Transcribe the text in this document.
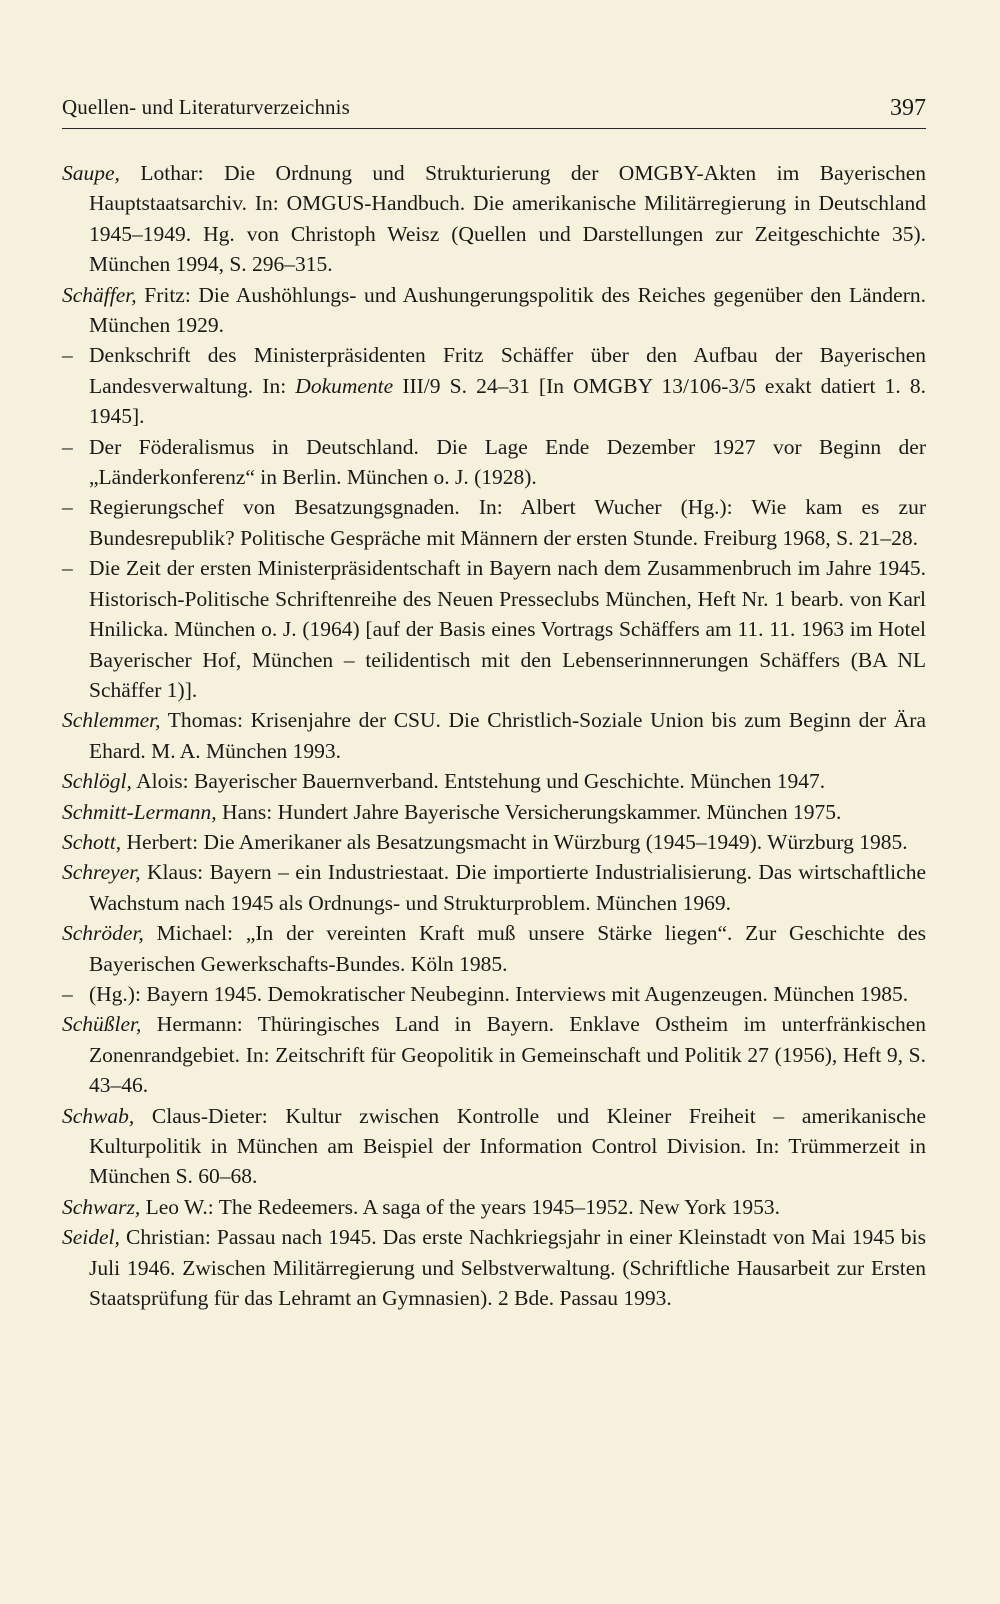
Quellen- und Literaturverzeichnis	397
Saupe, Lothar: Die Ordnung und Strukturierung der OMGBY-Akten im Bayerischen Hauptstaatsarchiv. In: OMGUS-Handbuch. Die amerikanische Militärregierung in Deutschland 1945–1949. Hg. von Christoph Weisz (Quellen und Darstellungen zur Zeitgeschichte 35). München 1994, S. 296–315.
Schäffer, Fritz: Die Aushöhlungs- und Aushungerungspolitik des Reiches gegenüber den Ländern. München 1929.
– Denkschrift des Ministerpräsidenten Fritz Schäffer über den Aufbau der Bayerischen Landesverwaltung. In: Dokumente III/9 S. 24–31 [In OMGBY 13/106-3/5 exakt datiert 1. 8. 1945].
– Der Föderalismus in Deutschland. Die Lage Ende Dezember 1927 vor Beginn der „Länderkonferenz“ in Berlin. München o. J. (1928).
– Regierungschef von Besatzungsgnaden. In: Albert Wucher (Hg.): Wie kam es zur Bundesrepublik? Politische Gespräche mit Männern der ersten Stunde. Freiburg 1968, S. 21–28.
– Die Zeit der ersten Ministerpräsidentschaft in Bayern nach dem Zusammenbruch im Jahre 1945. Historisch-Politische Schriftenreihe des Neuen Presseclubs München, Heft Nr. 1 bearb. von Karl Hnilicka. München o. J. (1964) [auf der Basis eines Vortrags Schäffers am 11. 11. 1963 im Hotel Bayerischer Hof, München – teilidentisch mit den Lebenserinnnerungen Schäffers (BA NL Schäffer 1)].
Schlemmer, Thomas: Krisenjahre der CSU. Die Christlich-Soziale Union bis zum Beginn der Ära Ehard. M. A. München 1993.
Schlögl, Alois: Bayerischer Bauernverband. Entstehung und Geschichte. München 1947.
Schmitt-Lermann, Hans: Hundert Jahre Bayerische Versicherungskammer. München 1975.
Schott, Herbert: Die Amerikaner als Besatzungsmacht in Würzburg (1945–1949). Würzburg 1985.
Schreyer, Klaus: Bayern – ein Industriestaat. Die importierte Industrialisierung. Das wirtschaftliche Wachstum nach 1945 als Ordnungs- und Strukturproblem. München 1969.
Schröder, Michael: „In der vereinten Kraft muß unsere Stärke liegen“. Zur Geschichte des Bayerischen Gewerkschafts-Bundes. Köln 1985.
– (Hg.): Bayern 1945. Demokratischer Neubeginn. Interviews mit Augenzeugen. München 1985.
Schüßler, Hermann: Thüringisches Land in Bayern. Enklave Ostheim im unterfränkischen Zonenrandgebiet. In: Zeitschrift für Geopolitik in Gemeinschaft und Politik 27 (1956), Heft 9, S. 43–46.
Schwab, Claus-Dieter: Kultur zwischen Kontrolle und Kleiner Freiheit – amerikanische Kulturpolitik in München am Beispiel der Information Control Division. In: Trümmerzeit in München S. 60–68.
Schwarz, Leo W.: The Redeemers. A saga of the years 1945–1952. New York 1953.
Seidel, Christian: Passau nach 1945. Das erste Nachkriegsjahr in einer Kleinstadt von Mai 1945 bis Juli 1946. Zwischen Militärregierung und Selbstverwaltung. (Schriftliche Hausarbeit zur Ersten Staatsprüfung für das Lehramt an Gymnasien). 2 Bde. Passau 1993.
